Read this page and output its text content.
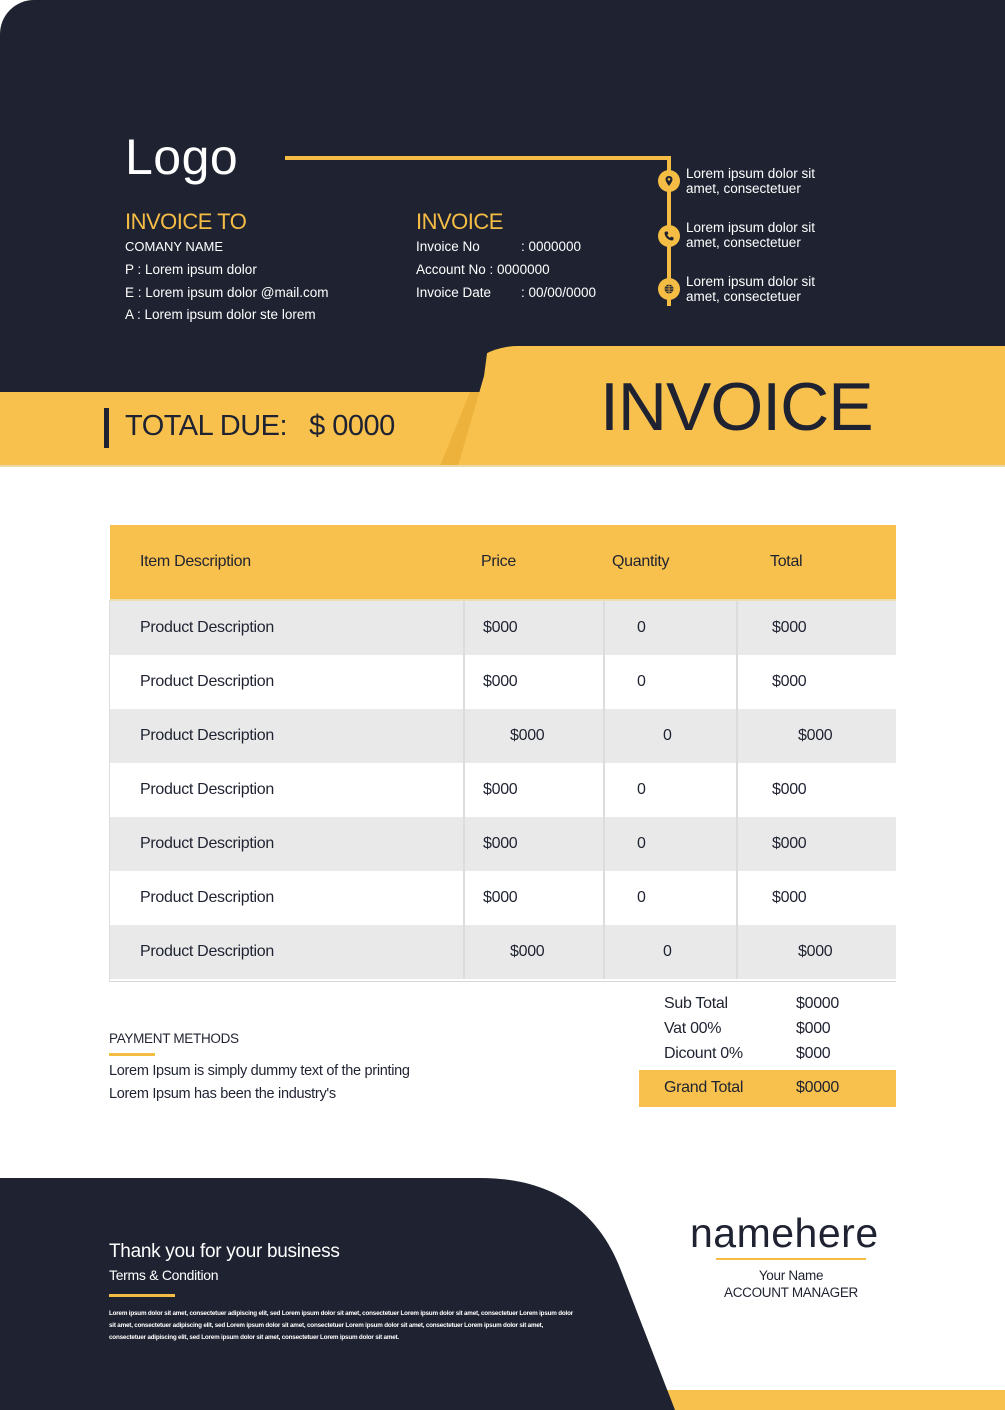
Logo	Lorem ipsum dolor sit
amet, consectetuer
Lorem ipsum dolor sit
amet, consectetuer
Lorem ipsum dolor sit
amet, consectetuer
INVOICE TO
COMANY NAME
P : Lorem ipsum dolor
E : Lorem ipsum dolor @mail.com
A : Lorem ipsum dolor ste lorem
INVOICE
Invoice No	: 0000000
Account No : 0000000
Invoice Date : 00/00/0000
TOTAL DUE: $ 0000	INVOICE
Item Description	Price	Quantity	Total
Product Description	$000	0	$000
Product Description	$000	0	$000
Product Description	$000	0	$000
Product Description	$000	0	$000
Product Description	$000	0	$000
Product Description	$000	0	$000
Product Description	$000	0	$000
PAYMENT METHODS
Lorem Ipsum is simply dummy text of the printing
Lorem Ipsum has been the industry's
Sub Total	$0000
Vat 00%	$000
Dicount 0%	$000
Grand Total	$0000
Thank you for your business
Terms & Condition
Lorem ipsum dolor sit amet, consectetuer adipiscing elit, sed Lorem ipsum dolor sit amet, consectetuer Lorem ipsum dolor sit amet, consectetuer Lorem ipsum dolor sit amet, consectetuer adipiscing elit, sed Lorem ipsum dolor sit amet, consectetuer Lorem ipsum dolor sit amet, consectetuer Lorem ipsum dolor sit amet, consectetuer adipiscing elit, sed Lorem ipsum dolor sit amet, consectetuer Lorem ipsum dolor sit amet.
namehere
Your Name
ACCOUNT MANAGER
